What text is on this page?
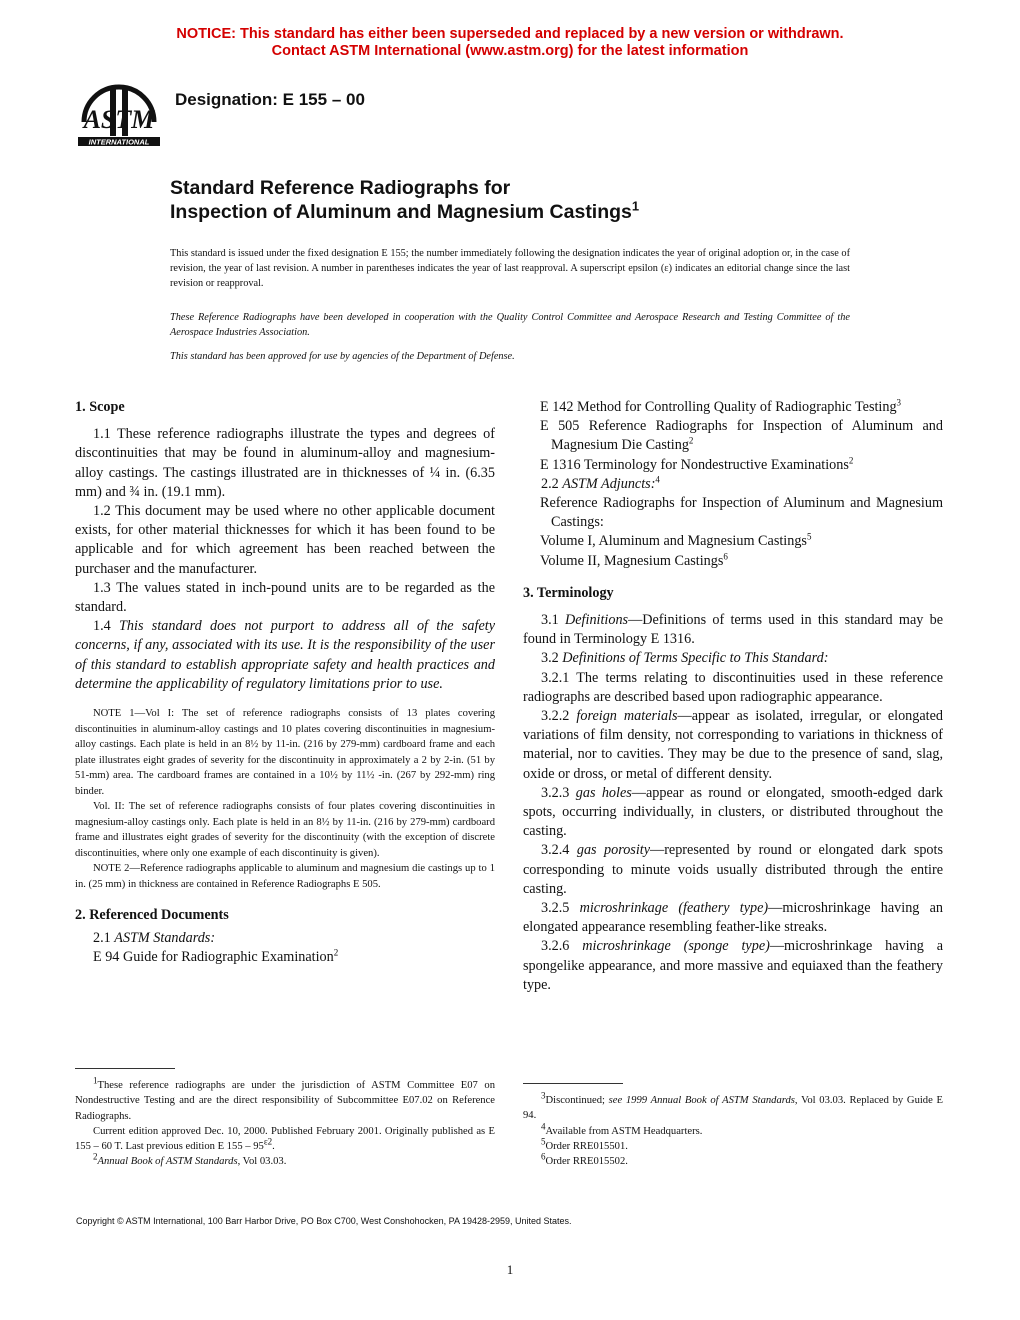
NOTICE: This standard has either been superseded and replaced by a new version or withdrawn.
Contact ASTM International (www.astm.org) for the latest information
ASTM
INTERNATIONAL
Designation: E 155 – 00
Standard Reference Radiographs for
Inspection of Aluminum and Magnesium Castings$^1$
This standard is issued under the fixed designation E 155; the number immediately following the designation indicates the year of original adoption or, in the case of revision, the year of last revision. A number in parentheses indicates the year of last reapproval. A superscript epsilon (ε) indicates an editorial change since the last revision or reapproval.
These Reference Radiographs have been developed in cooperation with the Quality Control Committee and Aerospace Research and Testing Committee of the Aerospace Industries Association.
This standard has been approved for use by agencies of the Department of Defense.

1. Scope

1.1 These reference radiographs illustrate the types and degrees of discontinuities that may be found in aluminum-alloy and magnesium-alloy castings. The castings illustrated are in thicknesses of ¼ in. (6.35 mm) and ¾ in. (19.1 mm).

1.2 This document may be used where no other applicable document exists, for other material thicknesses for which it has been found to be applicable and for which agreement has been reached between the purchaser and the manufacturer.

1.3 The values stated in inch-pound units are to be regarded as the standard.

1.4 This standard does not purport to address all of the safety concerns, if any, associated with its use. It is the responsibility of the user of this standard to establish appropriate safety and health practices and determine the applicability of regulatory limitations prior to use.

NOTE 1—Vol I: The set of reference radiographs consists of 13 plates covering discontinuities in aluminum-alloy castings and 10 plates covering discontinuities in magnesium-alloy castings. Each plate is held in an 8½ by 11-in. (216 by 279-mm) cardboard frame and each plate illustrates eight grades of severity for the discontinuity in approximately a 2 by 2-in. (51 by 51-mm) area. The cardboard frames are contained in a 10½ by 11½ -in. (267 by 292-mm) ring binder.

Vol. II: The set of reference radiographs consists of four plates covering discontinuities in magnesium-alloy castings only. Each plate is held in an 8½ by 11-in. (216 by 279-mm) cardboard frame and illustrates eight grades of severity for the discontinuity (with the exception of discrete discontinuities, where only one example of each discontinuity is given).

NOTE 2—Reference radiographs applicable to aluminum and magnesium die castings up to 1 in. (25 mm) in thickness are contained in Reference Radiographs E 505.

2. Referenced Documents

2.1 ASTM Standards:

E 94 Guide for Radiographic Examination$^2$

E 142 Method for Controlling Quality of Radiographic Testing$^3$

E 505 Reference Radiographs for Inspection of Aluminum and Magnesium Die Casting$^2$

E 1316 Terminology for Nondestructive Examinations$^2$

2.2 ASTM Adjuncts:$^4$

Reference Radiographs for Inspection of Aluminum and Magnesium Castings:

Volume I, Aluminum and Magnesium Castings$^5$

Volume II, Magnesium Castings$^6$

3. Terminology

3.1 Definitions—Definitions of terms used in this standard may be found in Terminology E 1316.

3.2 Definitions of Terms Specific to This Standard:

3.2.1 The terms relating to discontinuities used in these reference radiographs are described based upon radiographic appearance.

3.2.2 foreign materials—appear as isolated, irregular, or elongated variations of film density, not corresponding to variations in thickness of material, nor to cavities. They may be due to the presence of sand, slag, oxide or dross, or metal of different density.

3.2.3 gas holes—appear as round or elongated, smooth-edged dark spots, occurring individually, in clusters, or distributed throughout the casting.

3.2.4 gas porosity—represented by round or elongated dark spots corresponding to minute voids usually distributed through the entire casting.

3.2.5 microshrinkage (feathery type)—microshrinkage having an elongated appearance resembling feather-like streaks.

3.2.6 microshrinkage (sponge type)—microshrinkage having a spongelike appearance, and more massive and equiaxed than the feathery type.

$^1$These reference radiographs are under the jurisdiction of ASTM Committee E07 on Nondestructive Testing and are the direct responsibility of Subcommittee E07.02 on Reference Radiographs.

Current edition approved Dec. 10, 2000. Published February 2001. Originally published as E 155 – 60 T. Last previous edition E $155 - 95^{\varepsilon 2}$.

$^2$Annual Book of ASTM Standards, Vol 03.03.

$^3$Discontinued; see 1999 Annual Book of ASTM Standards, Vol 03.03. Replaced by Guide E 94.

$^4$Available from ASTM Headquarters.

$^5$Order RRE015501.

$^6$Order RRE015502.

Copyright © ASTM International, 100 Barr Harbor Drive, PO Box C700, West Conshohocken, PA 19428-2959, United States.
1
